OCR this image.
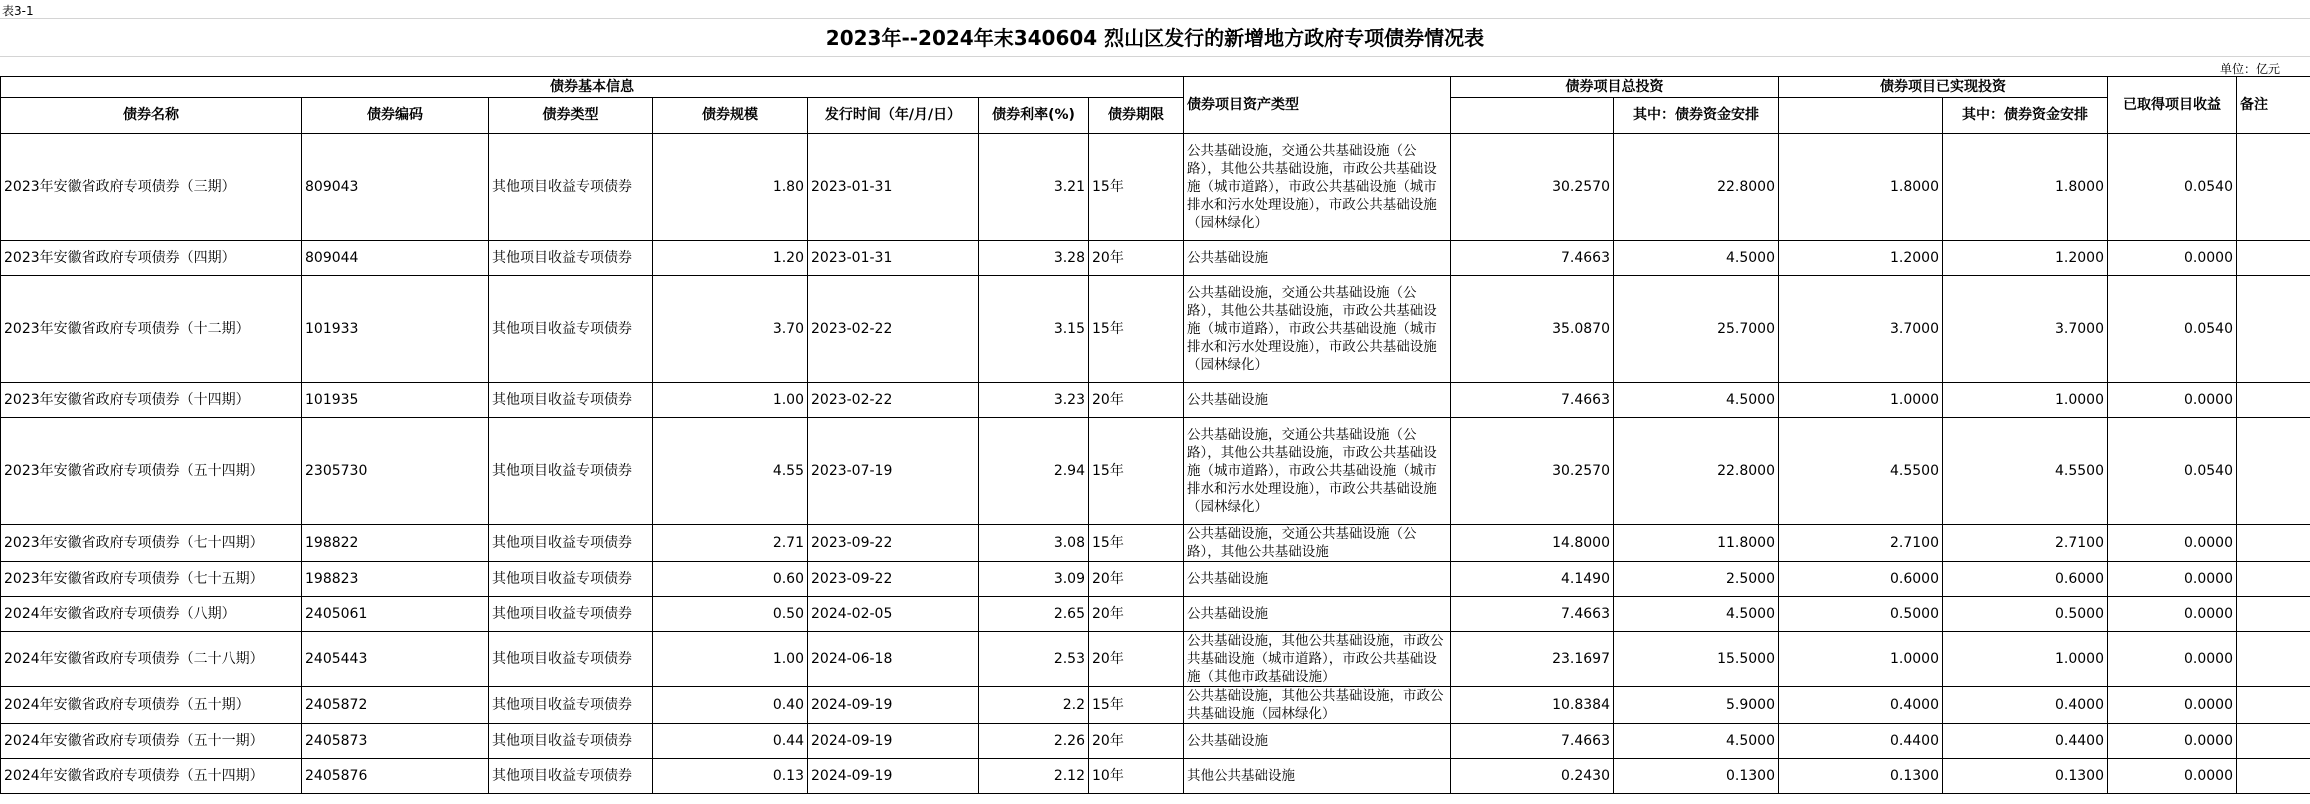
表3-1
2023年--2024年末340604 烈山区发行的新增地方政府专项债券情况表
单位：亿元
债券基本信息							债券项目资产类型	债券项目总投资		债券项目已实现投资		已取得项目收益	备注
债券名称	债券编码	债券类型	债券规模	发行时间（年/月/日）	债券利率(%)	债券期限			其中：债券资金安排		其中：债券资金安排		
2023年安徽省政府专项债券（三期）	809043	其他项目收益专项债券	1.80	2023-01-31	3.21	15年	公共基础设施，交通公共基础设施（公路），其他公共基础设施，市政公共基础设施（城市道路），市政公共基础设施（城市排水和污水处理设施），市政公共基础设施（园林绿化）	30.2570	22.8000	1.8000	1.8000	0.0540	
2023年安徽省政府专项债券（四期）	809044	其他项目收益专项债券	1.20	2023-01-31	3.28	20年	公共基础设施	7.4663	4.5000	1.2000	1.2000	0.0000	
2023年安徽省政府专项债券（十二期）	101933	其他项目收益专项债券	3.70	2023-02-22	3.15	15年	公共基础设施，交通公共基础设施（公路），其他公共基础设施，市政公共基础设施（城市道路），市政公共基础设施（城市排水和污水处理设施），市政公共基础设施（园林绿化）	35.0870	25.7000	3.7000	3.7000	0.0540	
2023年安徽省政府专项债券（十四期）	101935	其他项目收益专项债券	1.00	2023-02-22	3.23	20年	公共基础设施	7.4663	4.5000	1.0000	1.0000	0.0000	
2023年安徽省政府专项债券（五十四期）	2305730	其他项目收益专项债券	4.55	2023-07-19	2.94	15年	公共基础设施，交通公共基础设施（公路），其他公共基础设施，市政公共基础设施（城市道路），市政公共基础设施（城市排水和污水处理设施），市政公共基础设施（园林绿化）	30.2570	22.8000	4.5500	4.5500	0.0540	
2023年安徽省政府专项债券（七十四期）	198822	其他项目收益专项债券	2.71	2023-09-22	3.08	15年	公共基础设施，交通公共基础设施（公路），其他公共基础设施	14.8000	11.8000	2.7100	2.7100	0.0000	
2023年安徽省政府专项债券（七十五期）	198823	其他项目收益专项债券	0.60	2023-09-22	3.09	20年	公共基础设施	4.1490	2.5000	0.6000	0.6000	0.0000	
2024年安徽省政府专项债券（八期）	2405061	其他项目收益专项债券	0.50	2024-02-05	2.65	20年	公共基础设施	7.4663	4.5000	0.5000	0.5000	0.0000	
2024年安徽省政府专项债券（二十八期）	2405443	其他项目收益专项债券	1.00	2024-06-18	2.53	20年	公共基础设施，其他公共基础设施，市政公共基础设施（城市道路），市政公共基础设施（其他市政基础设施）	23.1697	15.5000	1.0000	1.0000	0.0000	
2024年安徽省政府专项债券（五十期）	2405872	其他项目收益专项债券	0.40	2024-09-19	2.2	15年	公共基础设施，其他公共基础设施，市政公共基础设施（园林绿化）	10.8384	5.9000	0.4000	0.4000	0.0000	
2024年安徽省政府专项债券（五十一期）	2405873	其他项目收益专项债券	0.44	2024-09-19	2.26	20年	公共基础设施	7.4663	4.5000	0.4400	0.4400	0.0000	
2024年安徽省政府专项债券（五十四期）	2405876	其他项目收益专项债券	0.13	2024-09-19	2.12	10年	其他公共基础设施	0.2430	0.1300	0.1300	0.1300	0.0000	
